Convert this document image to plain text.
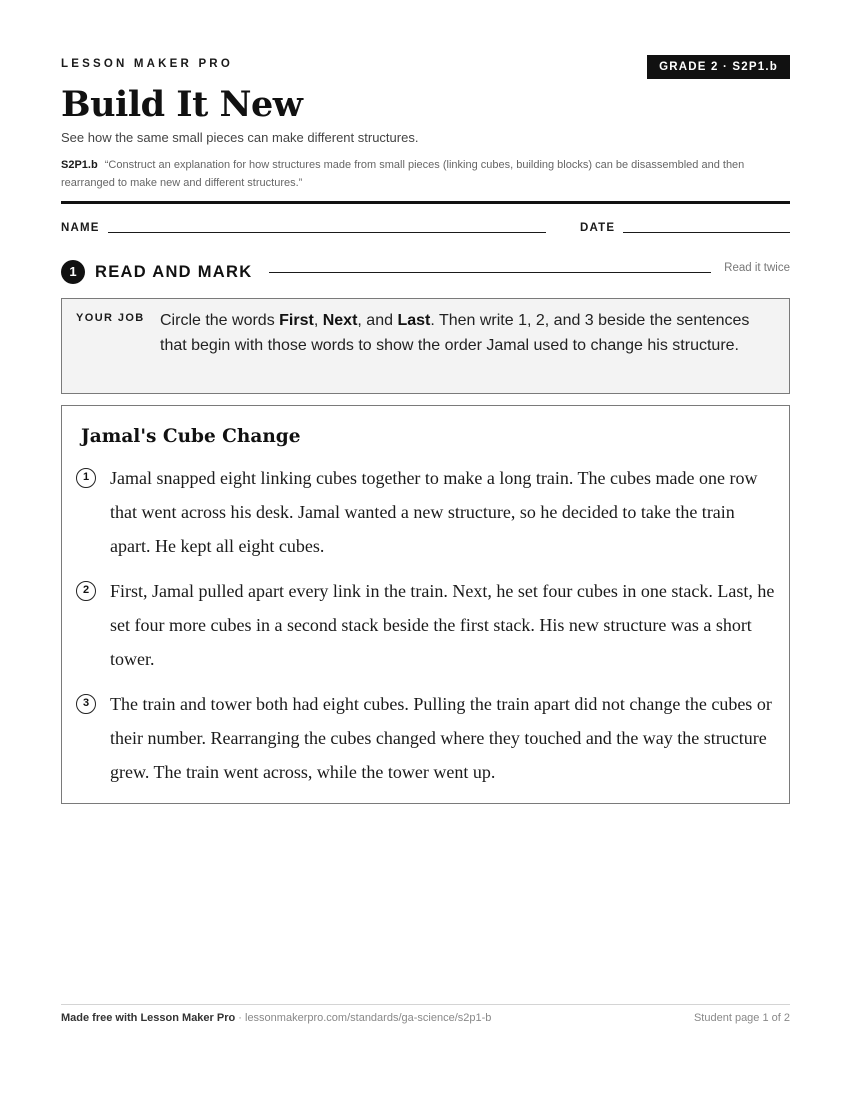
LESSON MAKER PRO	GRADE 2 · S2P1.b
Build It New
See how the same small pieces can make different structures.
S2P1.b “Construct an explanation for how structures made from small pieces (linking cubes, building blocks) can be disassembled and then rearranged to make new and different structures.”
NAME	DATE
1	READ AND MARK	Read it twice
YOUR JOB Circle the words First, Next, and Last. Then write 1, 2, and 3 beside the sentences that begin with those words to show the order Jamal used to change his structure.
Jamal's Cube Change
1	Jamal snapped eight linking cubes together to make a long train. The cubes made one row that went across his desk. Jamal wanted a new structure, so he decided to take the train apart. He kept all eight cubes.
2	First, Jamal pulled apart every link in the train. Next, he set four cubes in one stack. Last, he set four more cubes in a second stack beside the first stack. His new structure was a short tower.
3	The train and tower both had eight cubes. Pulling the train apart did not change the cubes or their number. Rearranging the cubes changed where they touched and the way the structure grew. The train went across, while the tower went up.
Made free with Lesson Maker Pro · lessonmakerpro.com/standards/ga-science/s2p1-b	Student page 1 of 2
